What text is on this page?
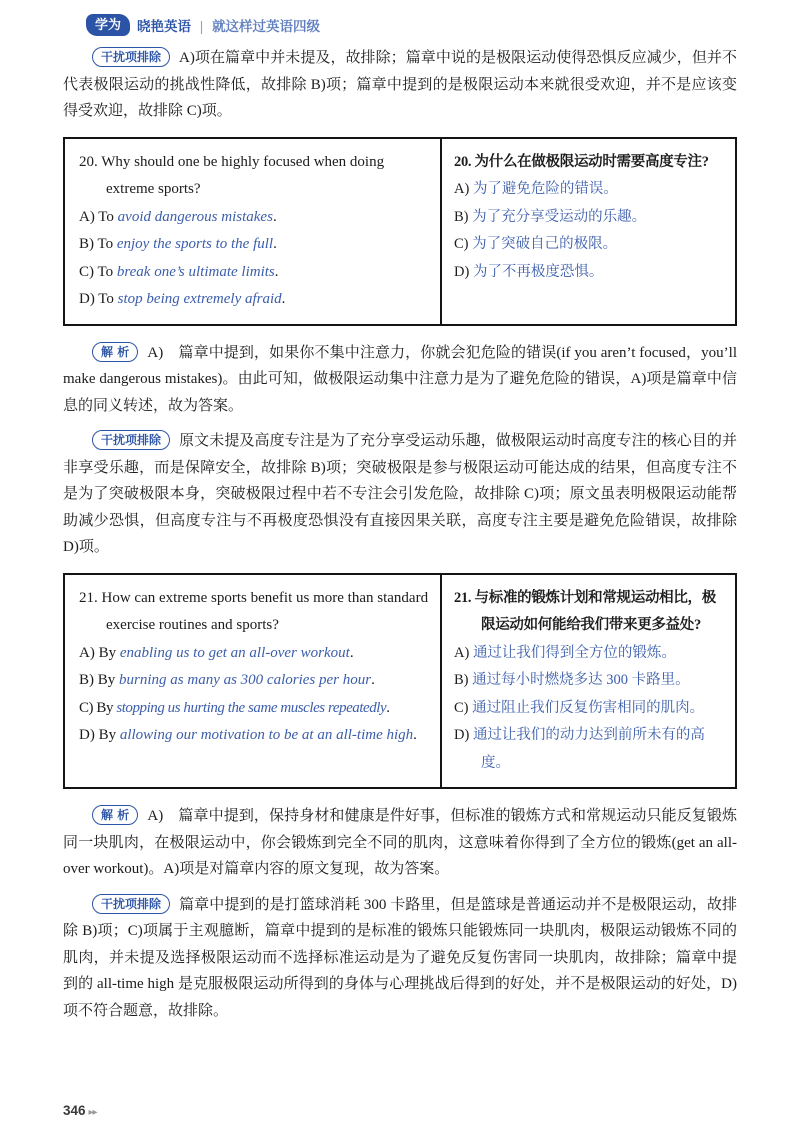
学为	晓艳英语 | 就这样过英语四级

干扰项排除 A)项在篇章中并未提及，故排除；篇章中说的是极限运动使得恐惧反应减少，但并不代表极限运动的挑战性降低，故排除 B)项；篇章中提到的是极限运动本来就很受欢迎，并不是应该变得受欢迎，故排除 C)项。

20. Why should one be highly focused when doing extreme sports?
A) To avoid dangerous mistakes.
B) To enjoy the sports to the full.
C) To break one’s ultimate limits.
D) To stop being extremely afraid.
20. 为什么在做极限运动时需要高度专注?
A) 为了避免危险的错误。
B) 为了充分享受运动的乐趣。
C) 为了突破自己的极限。
D) 为了不再极度恐惧。

解析 A)　篇章中提到，如果你不集中注意力，你就会犯危险的错误(if you aren’t focused，you’ll make dangerous mistakes)。由此可知，做极限运动集中注意力是为了避免危险的错误，A)项是篇章中信息的同义转述，故为答案。

干扰项排除 原文未提及高度专注是为了充分享受运动乐趣，做极限运动时高度专注的核心目的并非享受乐趣，而是保障安全，故排除 B)项；突破极限是参与极限运动可能达成的结果，但高度专注不是为了突破极限本身，突破极限过程中若不专注会引发危险，故排除 C)项；原文虽表明极限运动能帮助减少恐惧，但高度专注与不再极度恐惧没有直接因果关联，高度专注主要是避免危险错误，故排除 D)项。

21. How can extreme sports benefit us more than standard exercise routines and sports?
A) By enabling us to get an all-over workout.
B) By burning as many as 300 calories per hour.
C) By stopping us hurting the same muscles repeatedly.
D) By allowing our motivation to be at an all-time high.
21. 与标准的锻炼计划和常规运动相比，极限运动如何能给我们带来更多益处?
A) 通过让我们得到全方位的锻炼。
B) 通过每小时燃烧多达 300 卡路里。
C) 通过阻止我们反复伤害相同的肌肉。
D) 通过让我们的动力达到前所未有的高度。

解析 A)　篇章中提到，保持身材和健康是件好事，但标准的锻炼方式和常规运动只能反复锻炼同一块肌肉，在极限运动中，你会锻炼到完全不同的肌肉，这意味着你得到了全方位的锻炼(get an all-over workout)。A)项是对篇章内容的原文复现，故为答案。

干扰项排除 篇章中提到的是打篮球消耗 300 卡路里，但是篮球是普通运动并不是极限运动，故排除 B)项；C)项属于主观臆断，篇章中提到的是标准的锻炼只能锻炼同一块肌肉，极限运动锻炼不同的肌肉，并未提及选择极限运动而不选择标准运动是为了避免反复伤害同一块肌肉，故排除；篇章中提到的 all-time high 是克服极限运动所得到的身体与心理挑战后得到的好处，并不是极限运动的好处，D)项不符合题意，故排除。

346 ▸▸
